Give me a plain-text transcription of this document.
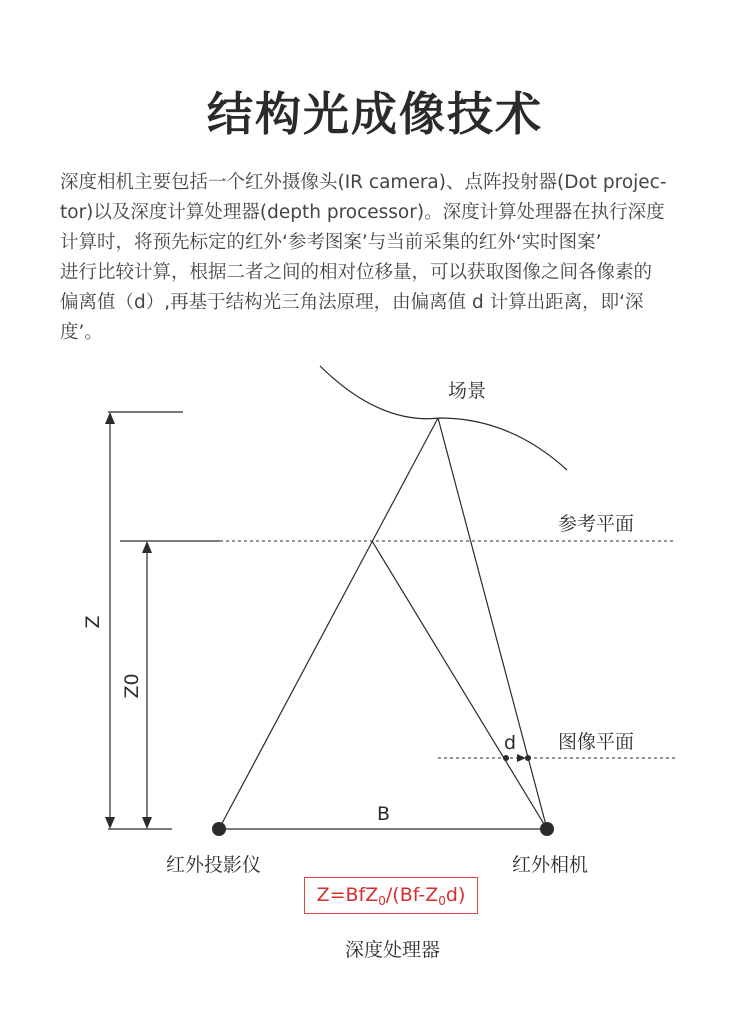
结构光成像技术
深度相机主要包括一个红外摄像头(IR camera)、点阵投射器(Dot projec-
tor)以及深度计算处理器(depth processor)。深度计算处理器在执行深度
计算时，将预先标定的红外‘参考图案’与当前采集的红外‘实时图案’
进行比较计算，根据二者之间的相对位移量，可以获取图像之间各像素的
偏离值（d）,再基于结构光三角法原理，由偏离值 d 计算出距离，即‘深
度’。
场景
参考平面
图像平面
d
B
Z
Z0
红外投影仪	红外相机
$Z=BfZ_0/(Bf-Z_0d)$
深度处理器
